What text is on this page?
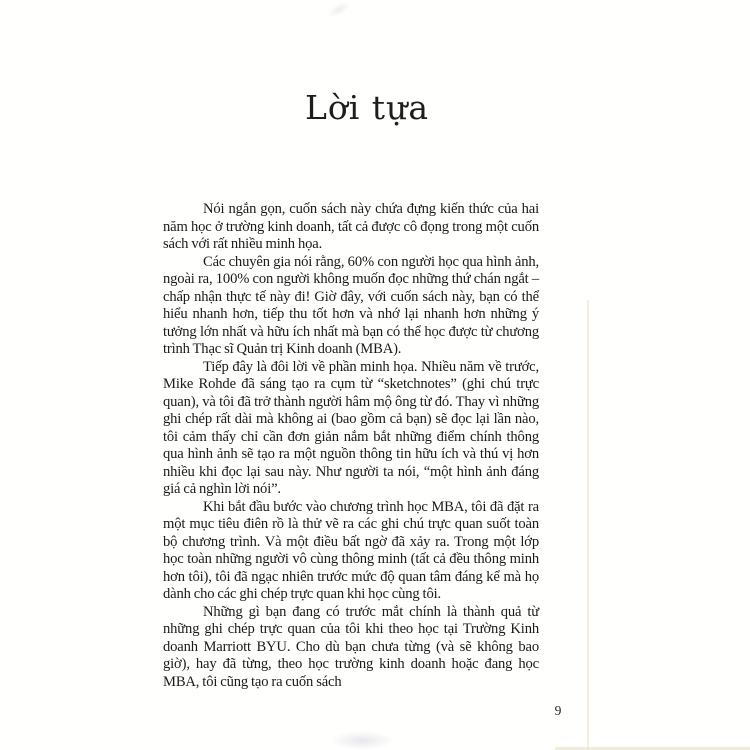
Lời tựa

Nói ngắn gọn, cuốn sách này chứa đựng kiến thức của hai năm học ở trường kinh doanh, tất cả được cô đọng trong một cuốn sách với rất nhiều minh họa.

Các chuyên gia nói rằng, 60% con người học qua hình ảnh, ngoài ra, 100% con người không muốn đọc những thứ chán ngắt – chấp nhận thực tế này đi! Giờ đây, với cuốn sách này, bạn có thể hiểu nhanh hơn, tiếp thu tốt hơn và nhớ lại nhanh hơn những ý tưởng lớn nhất và hữu ích nhất mà bạn có thể học được từ chương trình Thạc sĩ Quản trị Kinh doanh (MBA).

Tiếp đây là đôi lời về phần minh họa. Nhiều năm về trước, Mike Rohde đã sáng tạo ra cụm từ “sketchnotes” (ghi chú trực quan), và tôi đã trở thành người hâm mộ ông từ đó. Thay vì những ghi chép rất dài mà không ai (bao gồm cả bạn) sẽ đọc lại lần nào, tôi cảm thấy chỉ cần đơn giản nắm bắt những điểm chính thông qua hình ảnh sẽ tạo ra một nguồn thông tin hữu ích và thú vị hơn nhiều khi đọc lại sau này. Như người ta nói, “một hình ảnh đáng giá cả nghìn lời nói”.

Khi bắt đầu bước vào chương trình học MBA, tôi đã đặt ra một mục tiêu điên rồ là thử vẽ ra các ghi chú trực quan suốt toàn bộ chương trình. Và một điều bất ngờ đã xảy ra. Trong một lớp học toàn những người vô cùng thông minh (tất cả đều thông minh hơn tôi), tôi đã ngạc nhiên trước mức độ quan tâm đáng kể mà họ dành cho các ghi chép trực quan khi học cùng tôi.

Những gì bạn đang có trước mắt chính là thành quả từ những ghi chép trực quan của tôi khi theo học tại Trường Kinh doanh Marriott BYU. Cho dù bạn chưa từng (và sẽ không bao giờ), hay đã từng, theo học trường kinh doanh hoặc đang học MBA, tôi cũng tạo ra cuốn sách

9
